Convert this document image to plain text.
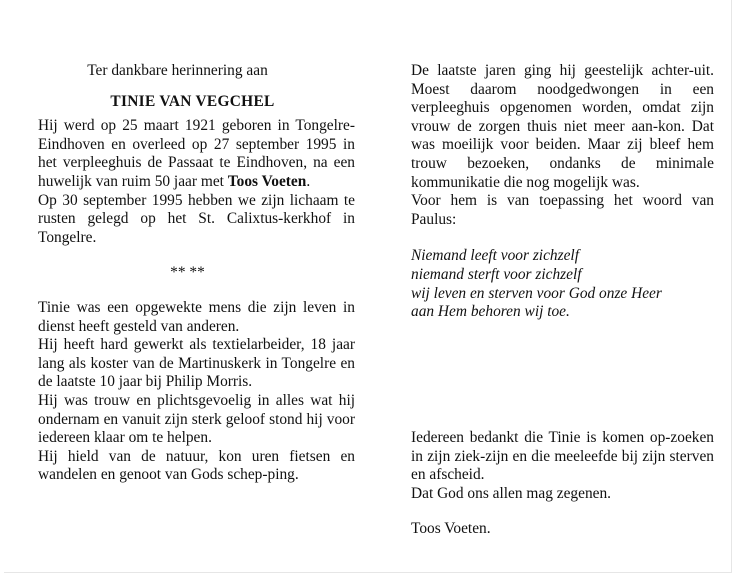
Ter dankbare herinnering aan

TINIE VAN VEGCHEL

Hij werd op 25 maart 1921 geboren in Tongelre-Eindhoven en overleed op 27 september 1995 in het verpleeghuis de Passaat te Eindhoven, na een huwelijk van ruim 50 jaar met Toos Voeten.

Op 30 september 1995 hebben we zijn lichaam te rusten gelegd op het St. Calixtus-kerkhof in Tongelre.

** **

Tinie was een opgewekte mens die zijn leven in dienst heeft gesteld van anderen.

Hij heeft hard gewerkt als textielarbeider, 18 jaar lang als koster van de Martinuskerk in Tongelre en de laatste 10 jaar bij Philip Morris.

Hij was trouw en plichtsgevoelig in alles wat hij ondernam en vanuit zijn sterk geloof stond hij voor iedereen klaar om te helpen.

Hij hield van de natuur, kon uren fietsen en wandelen en genoot van Gods schep-ping.

De laatste jaren ging hij geestelijk achter-uit. Moest daarom noodgedwongen in een verpleeghuis opgenomen worden, omdat zijn vrouw de zorgen thuis niet meer aan-kon. Dat was moeilijk voor beiden. Maar zij bleef hem trouw bezoeken, ondanks de minimale kommunikatie die nog mogelijk was.

Voor hem is van toepassing het woord van Paulus:

Niemand leeft voor zichzelf
niemand sterft voor zichzelf
wij leven en sterven voor God onze Heer
aan Hem behoren wij toe.

Iedereen bedankt die Tinie is komen op-zoeken in zijn ziek-zijn en die meeleefde bij zijn sterven en afscheid.

Dat God ons allen mag zegenen.

Toos Voeten.
